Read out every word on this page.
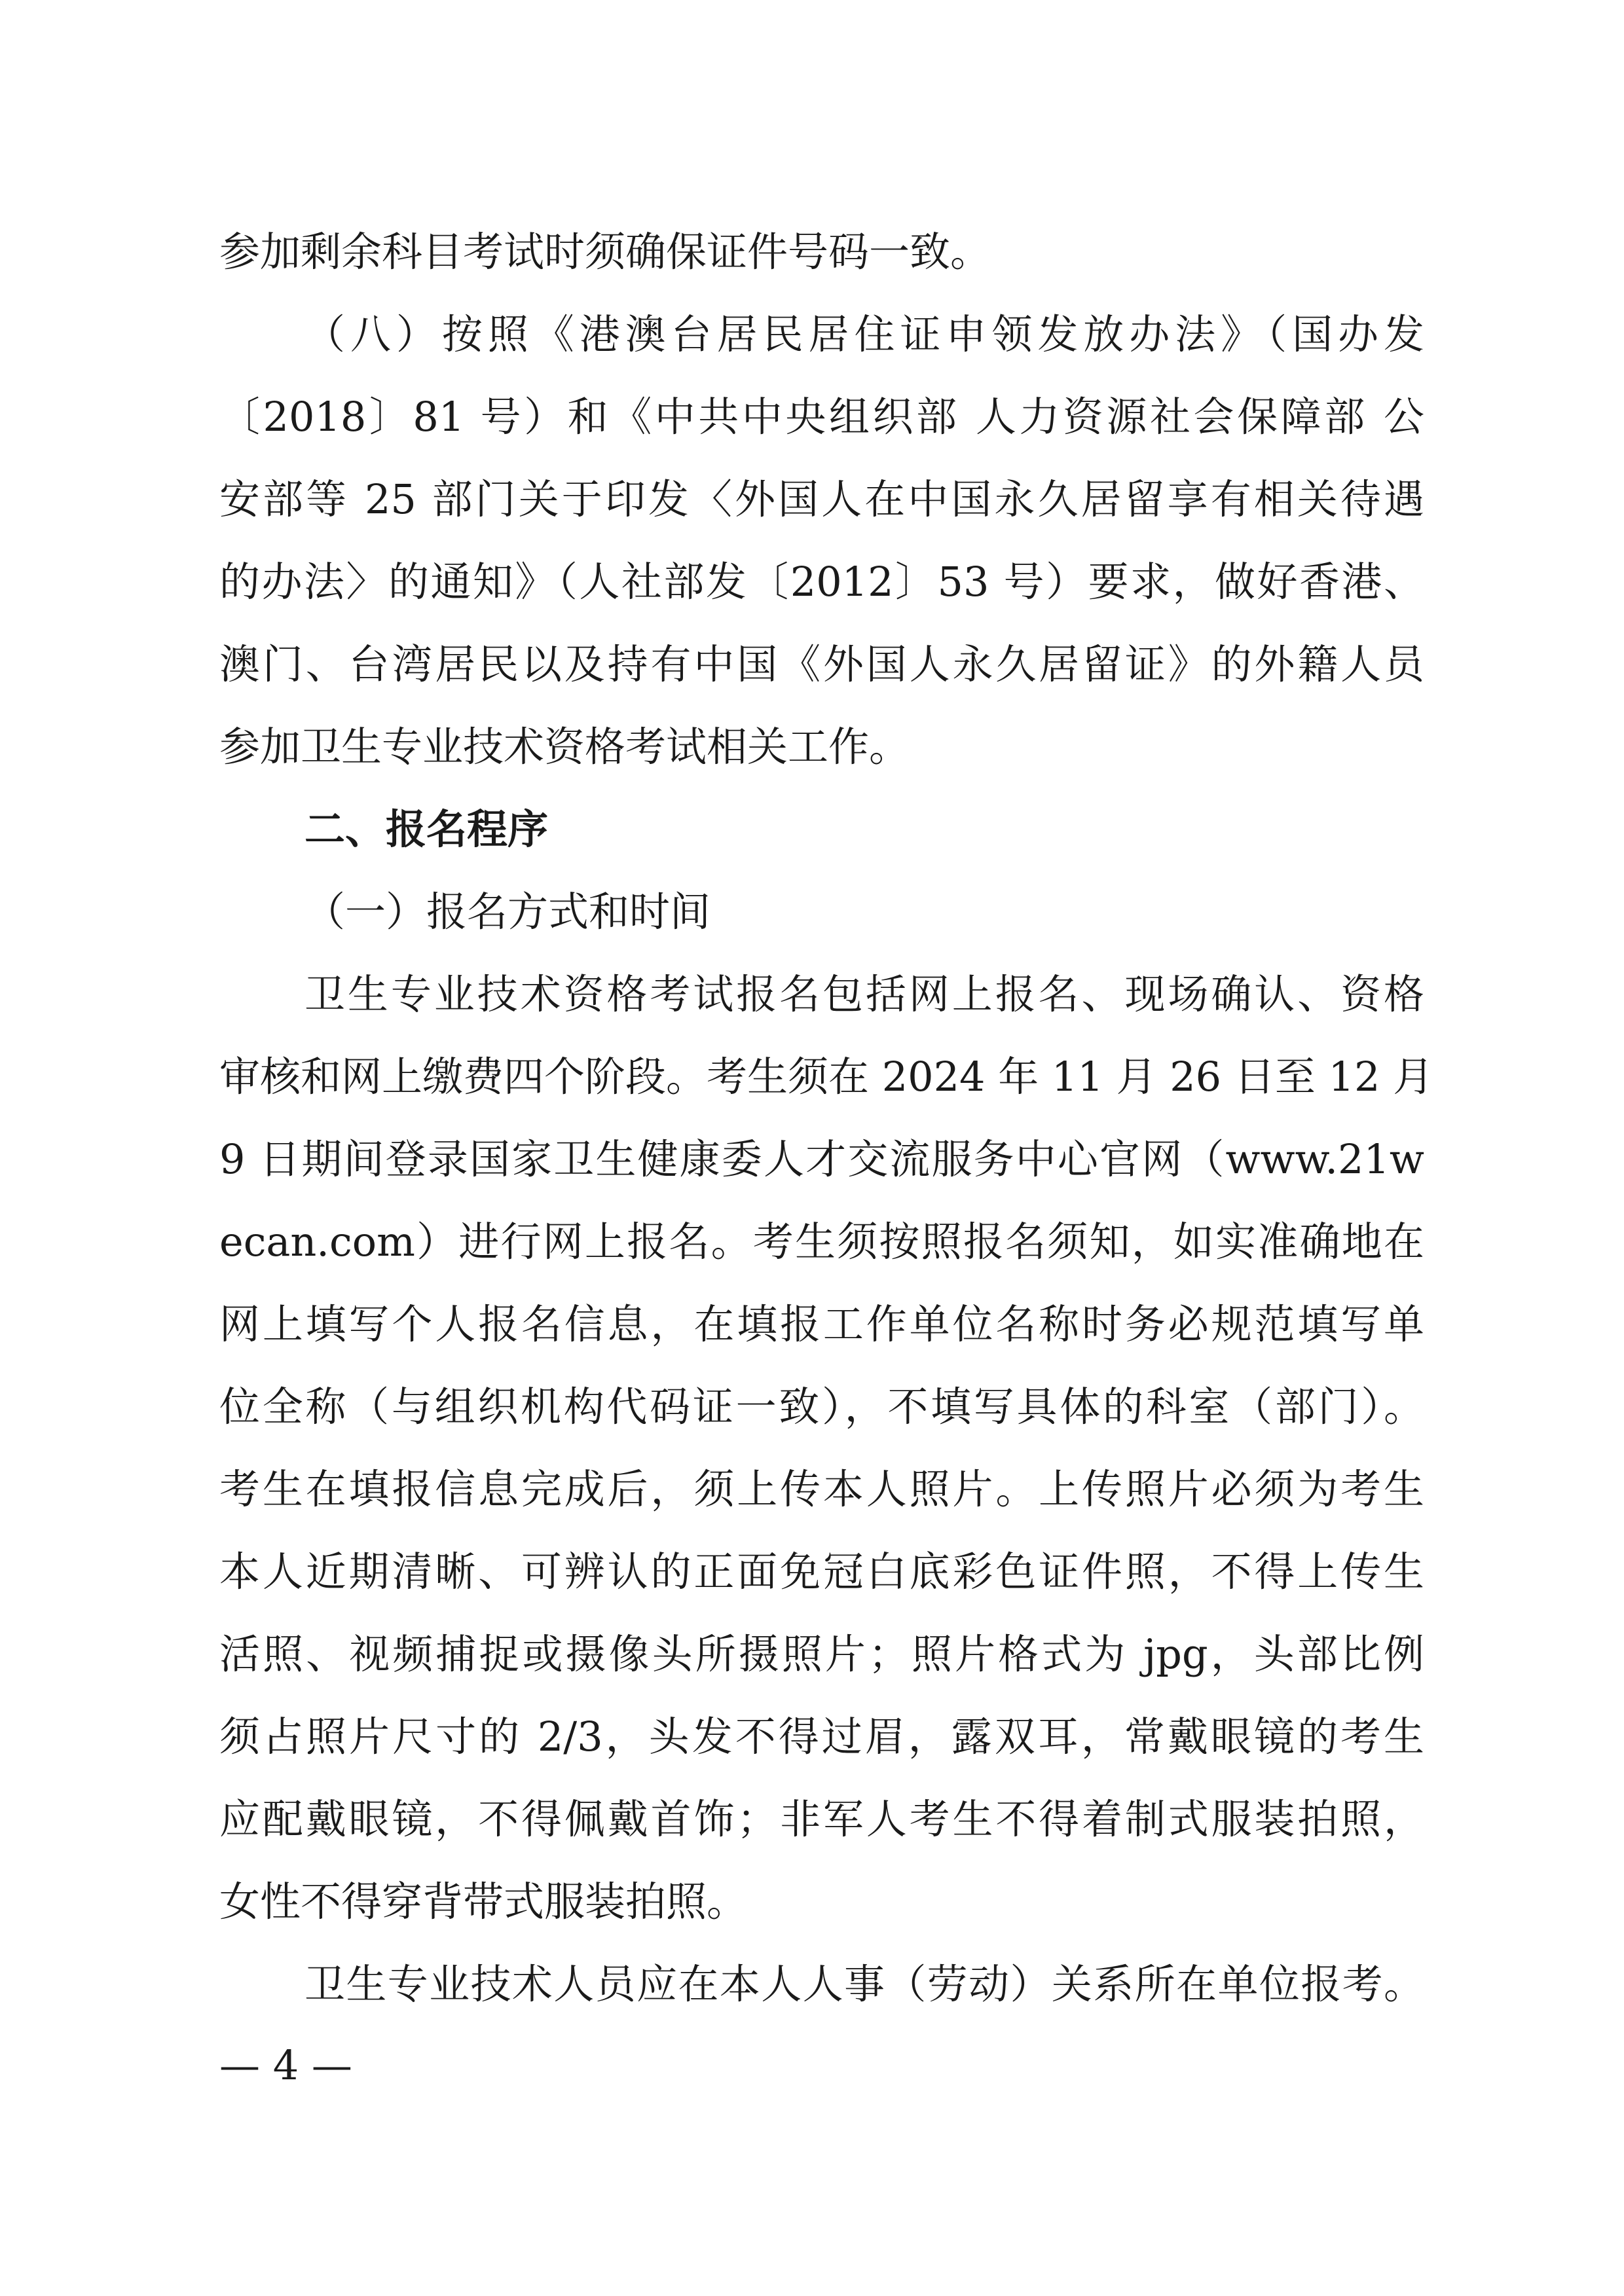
参加剩余科目考试时须确保证件号码一致。
（八）按照《港澳台居民居住证申领发放办法》（国办发
〔2018〕81 号）和《中共中央组织部 人力资源社会保障部 公
安部等 25 部门关于印发〈外国人在中国永久居留享有相关待遇
的办法〉的通知》（人社部发〔2012〕53 号）要求，做好香港、
澳门、台湾居民以及持有中国《外国人永久居留证》的外籍人员
参加卫生专业技术资格考试相关工作。
二、报名程序
（一）报名方式和时间
卫生专业技术资格考试报名包括网上报名、现场确认、资格
审核和网上缴费四个阶段。考生须在 2024 年 11 月 26 日至 12 月
9 日期间登录国家卫生健康委人才交流服务中心官网（www.21w
ecan.com）进行网上报名。考生须按照报名须知，如实准确地在
网上填写个人报名信息，在填报工作单位名称时务必规范填写单
位全称（与组织机构代码证一致），不填写具体的科室（部门）。
考生在填报信息完成后，须上传本人照片。上传照片必须为考生
本人近期清晰、可辨认的正面免冠白底彩色证件照，不得上传生
活照、视频捕捉或摄像头所摄照片；照片格式为 jpg，头部比例
须占照片尺寸的 2/3，头发不得过眉，露双耳，常戴眼镜的考生
应配戴眼镜，不得佩戴首饰；非军人考生不得着制式服装拍照，
女性不得穿背带式服装拍照。
卫生专业技术人员应在本人人事（劳动）关系所在单位报考。
— 4 —
